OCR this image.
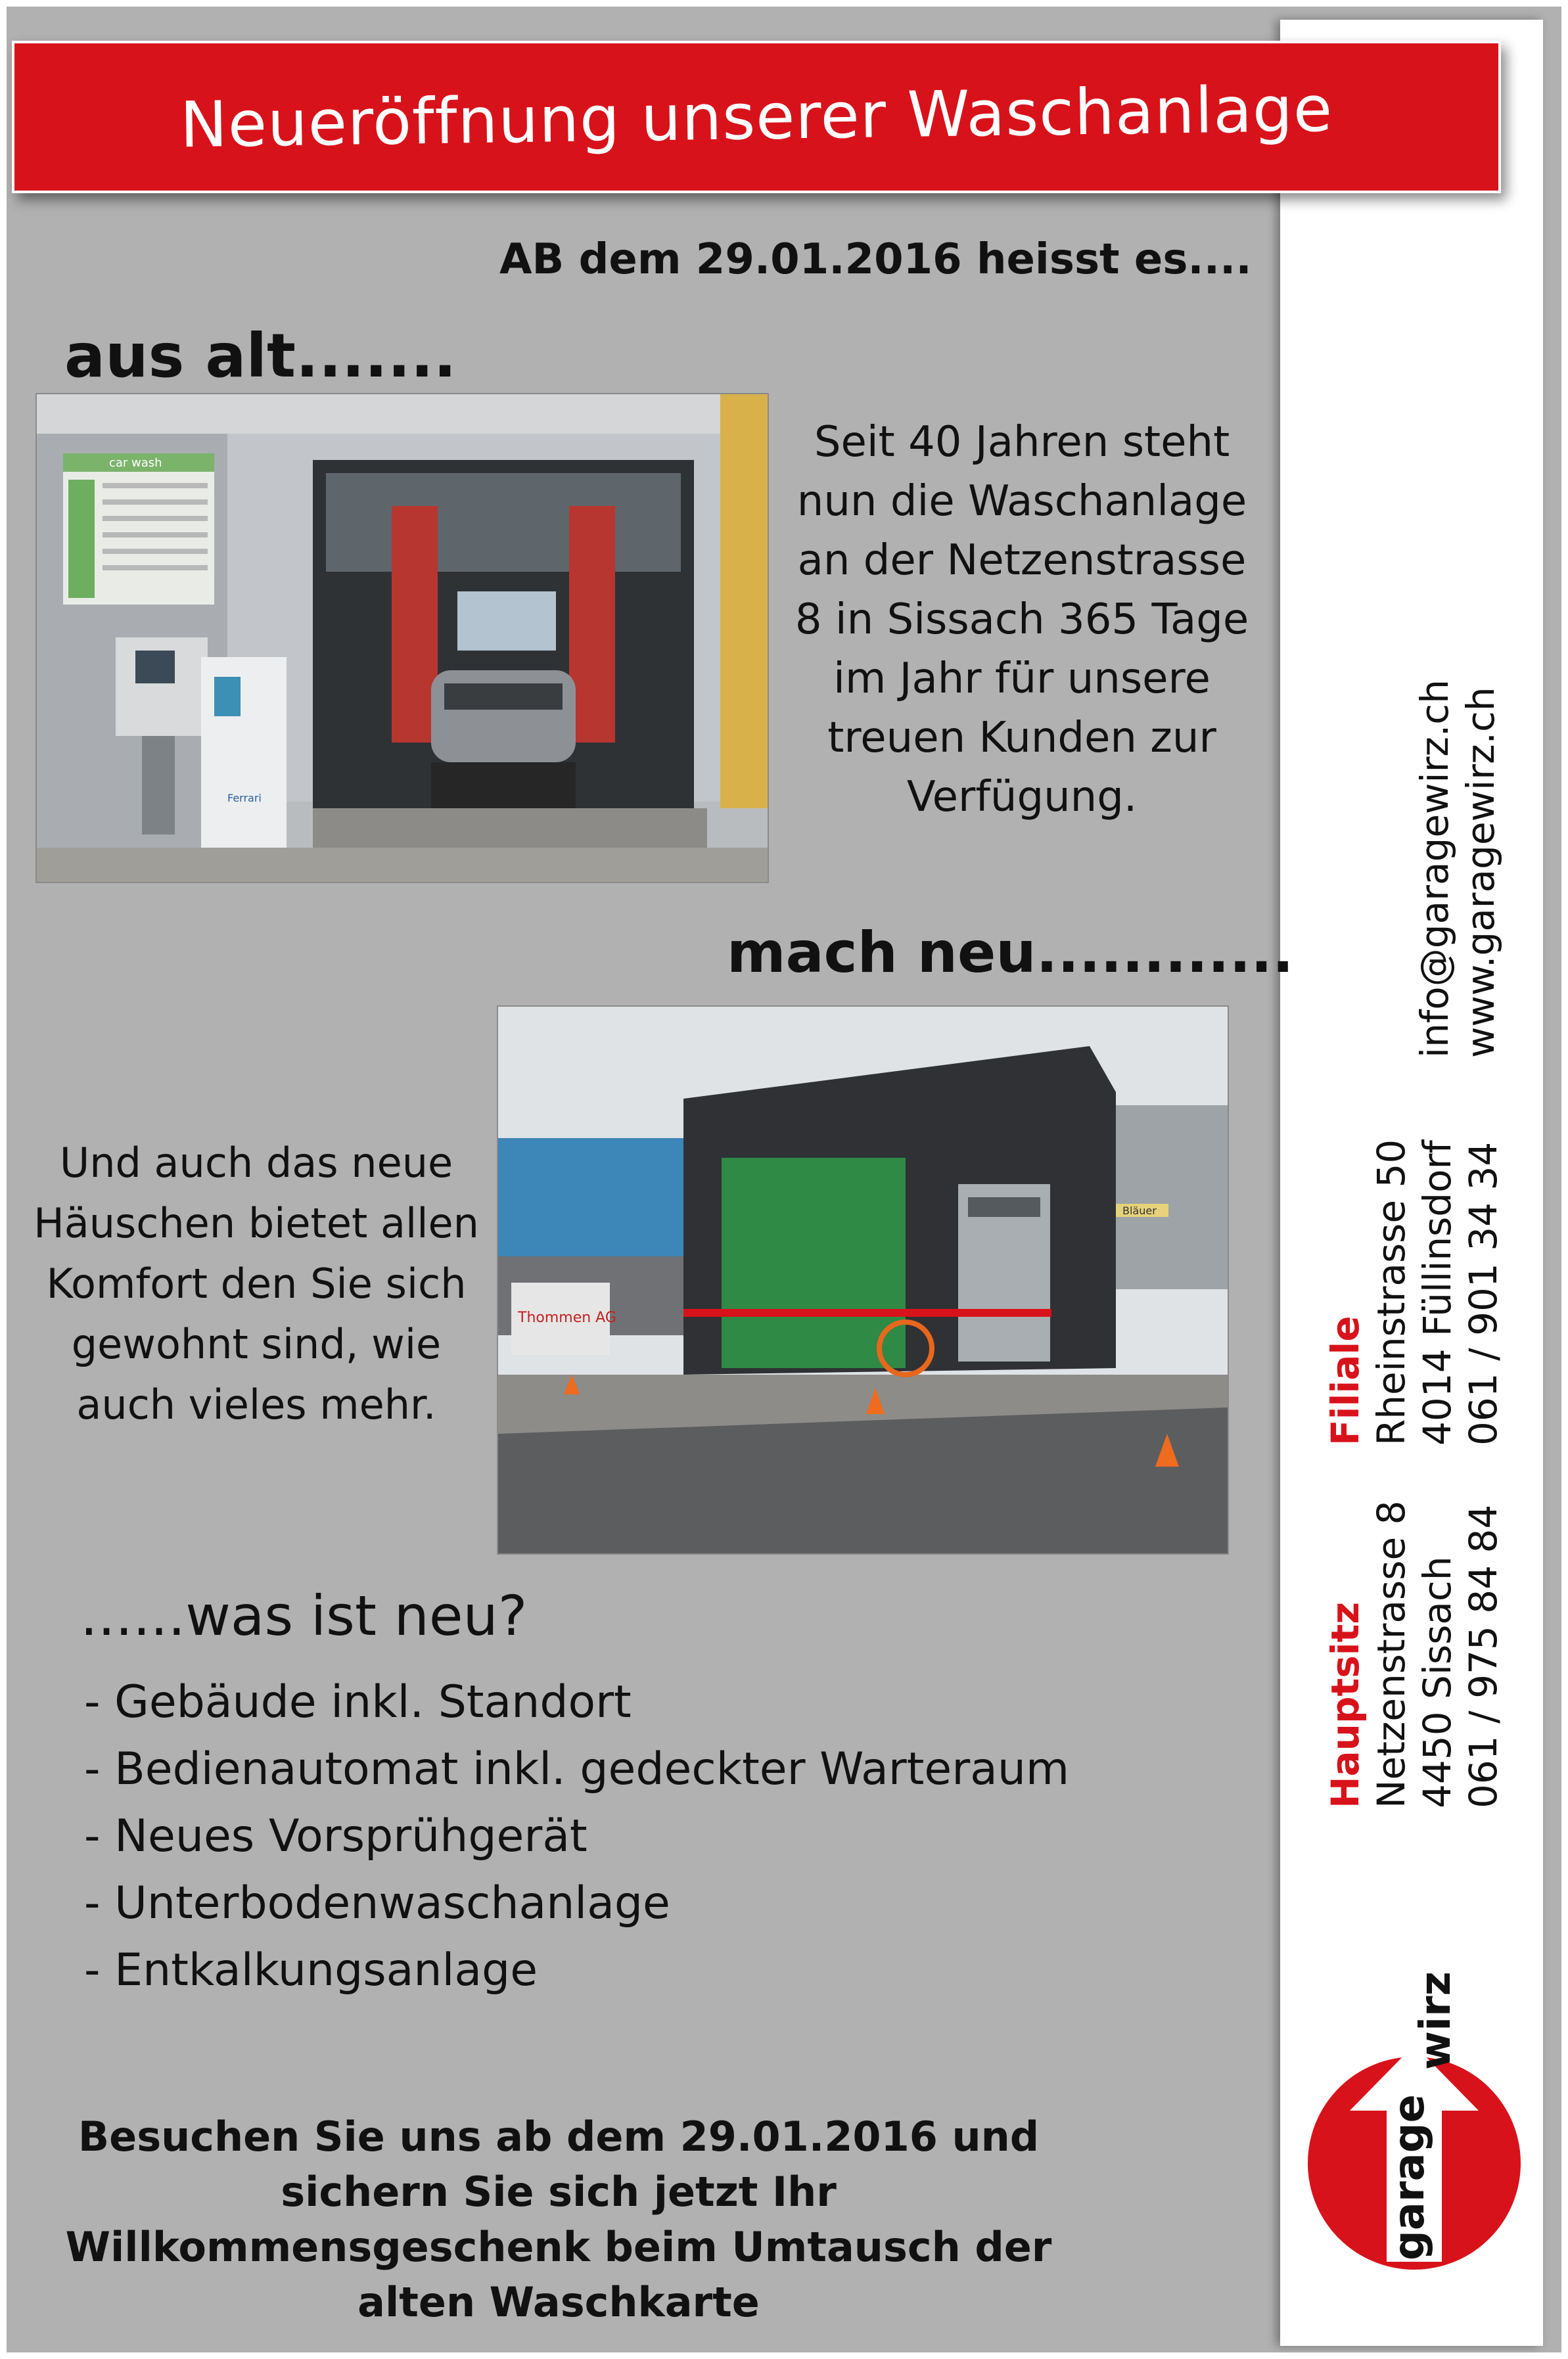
Neueröffnung unserer Waschanlage
AB dem 29.01.2016 heisst es....
aus alt.......
car wash
Ferrari
Seit 40 Jahren steht nun die Waschanlage an der Netzenstrasse 8 in Sissach 365 Tage im Jahr für unsere treuen Kunden zur Verfügung.
mach neu............
Thommen AG
Bläuer
Und auch das neue Häuschen bietet allen Komfort den Sie sich gewohnt sind, wie auch vieles mehr.
......was ist neu?
- Gebäude inkl. Standort
- Bedienautomat inkl. gedeckter Warteraum
- Neues Vorsprühgerät
- Unterbodenwaschanlage
- Entkalkungsanlage
Besuchen Sie uns ab dem 29.01.2016 und sichern Sie sich jetzt Ihr Willkommensgeschenk beim Umtausch der alten Waschkarte
info@garagewirz.ch www.garagewirz.ch
Filiale Rheinstrasse 50 4014 Füllinsdorf 061 / 901 34 34
Hauptsitz Netzenstrasse 8 4450 Sissach 061 / 975 84 84
garage
wirz
